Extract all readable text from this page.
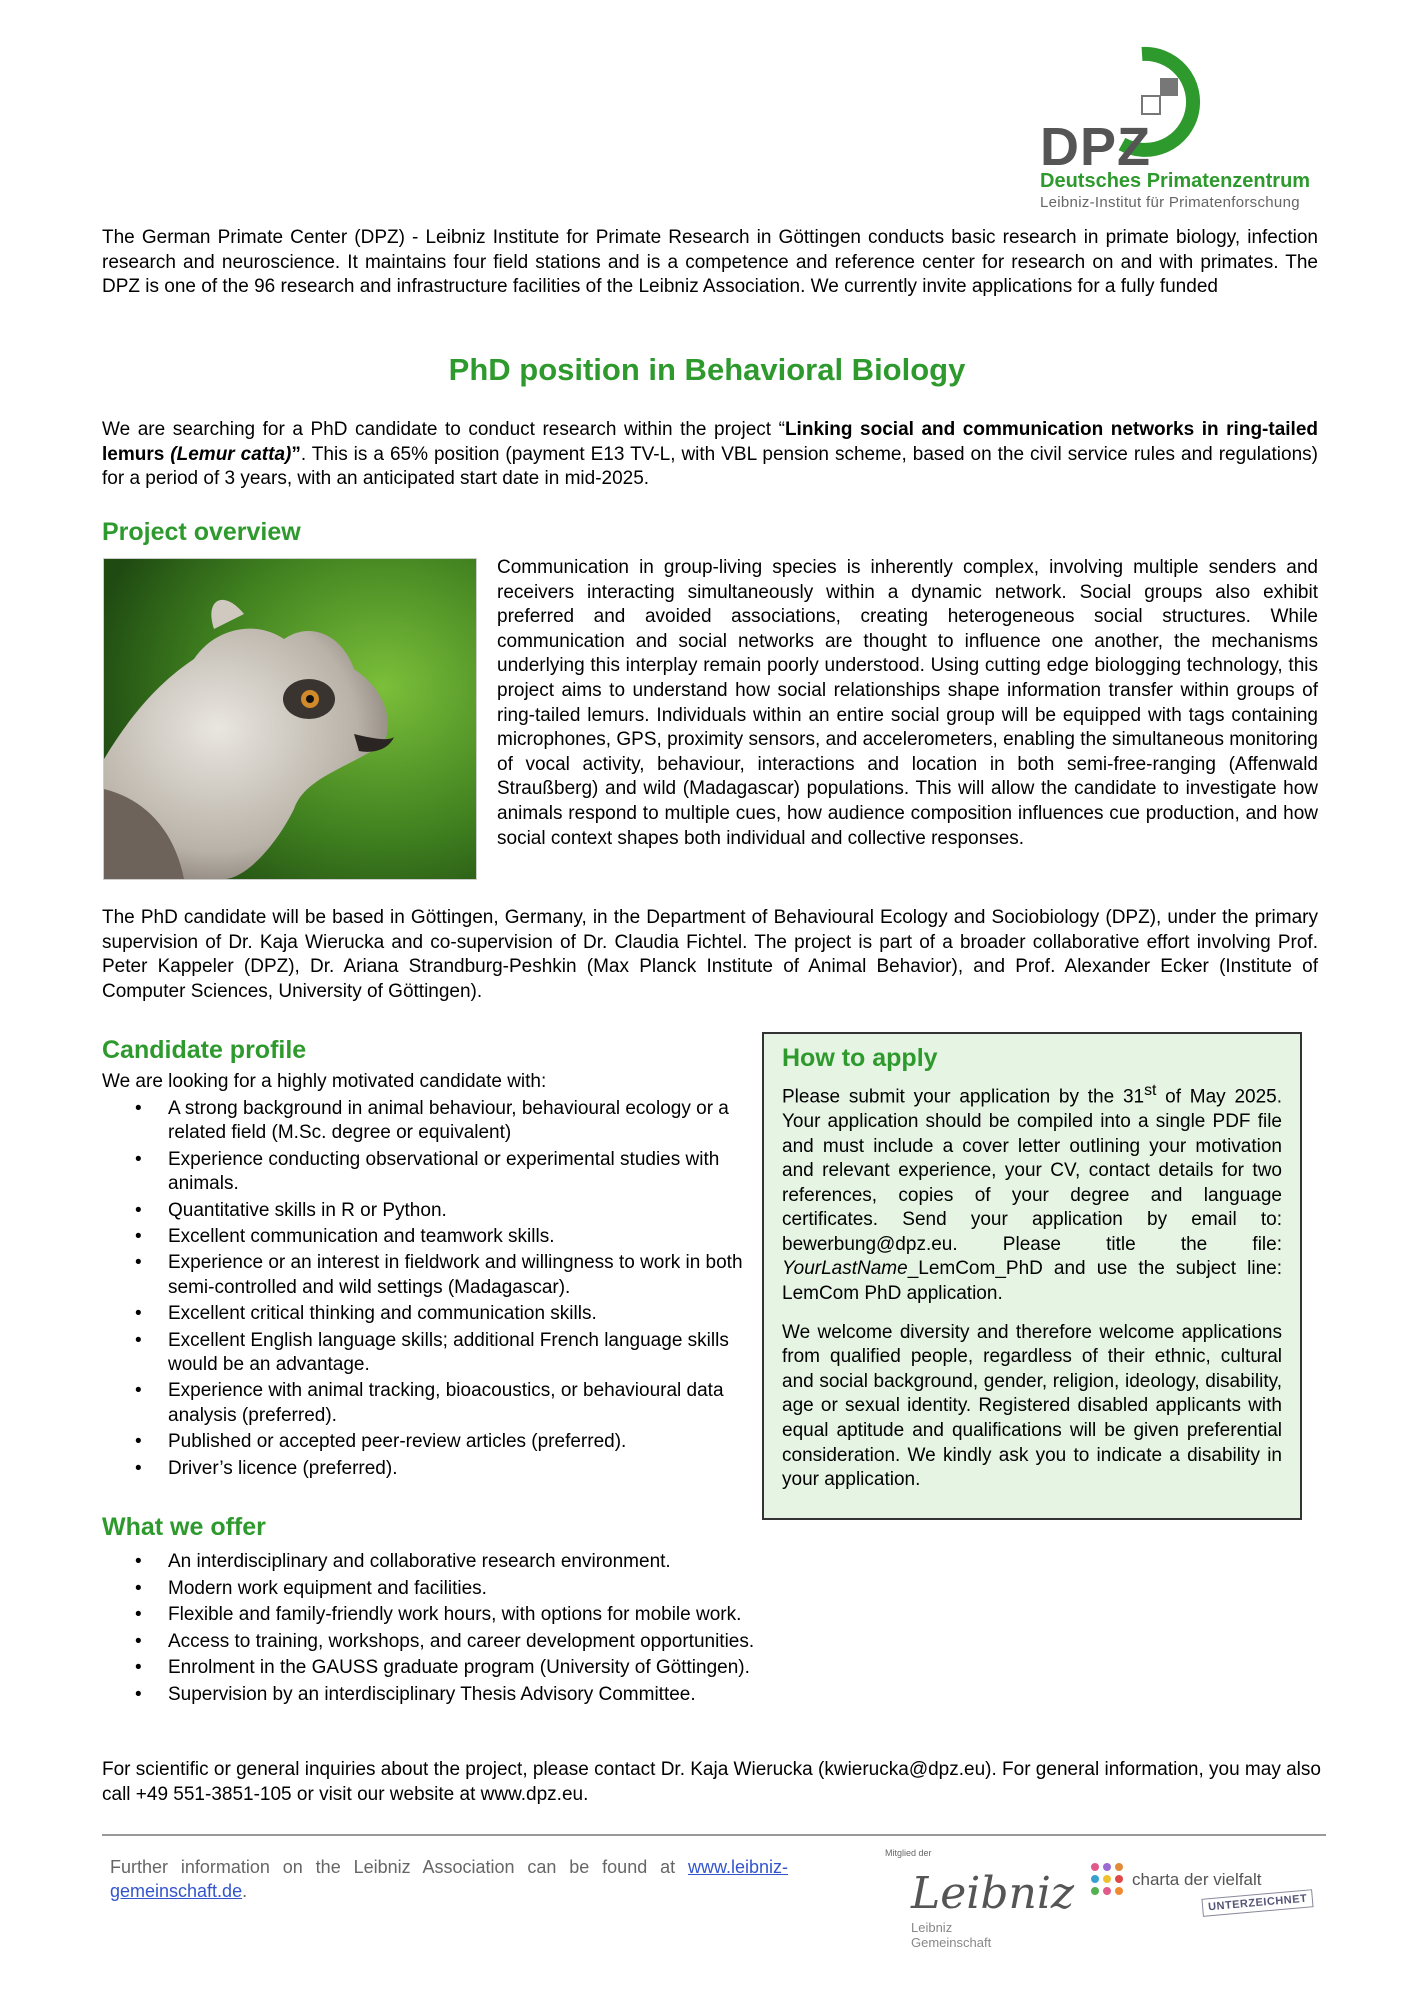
DPZ
Deutsches Primatenzentrum
Leibniz-Institut für Primatenforschung

The German Primate Center (DPZ) - Leibniz Institute for Primate Research in Göttingen conducts basic research in primate biology, infection research and neuroscience. It maintains four field stations and is a competence and reference center for research on and with primates. The DPZ is one of the 96 research and infrastructure facilities of the Leibniz Association. We currently invite applications for a fully funded

PhD position in Behavioral Biology

We are searching for a PhD candidate to conduct research within the project “Linking social and communication networks in ring-tailed lemurs (Lemur catta)”. This is a 65% position (payment E13 TV-L, with VBL pension scheme, based on the civil service rules and regulations) for a period of 3 years, with an anticipated start date in mid-2025.

Project overview

Communication in group-living species is inherently complex, involving multiple senders and receivers interacting simultaneously within a dynamic network. Social groups also exhibit preferred and avoided associations, creating heterogeneous social structures. While communication and social networks are thought to influence one another, the mechanisms underlying this interplay remain poorly understood. Using cutting edge biologging technology, this project aims to understand how social relationships shape information transfer within groups of ring-tailed lemurs. Individuals within an entire social group will be equipped with tags containing microphones, GPS, proximity sensors, and accelerometers, enabling the simultaneous monitoring of vocal activity, behaviour, interactions and location in both semi-free-ranging (Affenwald Straußberg) and wild (Madagascar) populations. This will allow the candidate to investigate how animals respond to multiple cues, how audience composition influences cue production, and how social context shapes both individual and collective responses.

The PhD candidate will be based in Göttingen, Germany, in the Department of Behavioural Ecology and Sociobiology (DPZ), under the primary supervision of Dr. Kaja Wierucka and co-supervision of Dr. Claudia Fichtel. The project is part of a broader collaborative effort involving Prof. Peter Kappeler (DPZ), Dr. Ariana Strandburg-Peshkin (Max Planck Institute of Animal Behavior), and Prof. Alexander Ecker (Institute of Computer Sciences, University of Göttingen).

Candidate profile

We are looking for a highly motivated candidate with:

• A strong background in animal behaviour, behavioural ecology or a related field (M.Sc. degree or equivalent)
• Experience conducting observational or experimental studies with animals.
• Quantitative skills in R or Python.
• Excellent communication and teamwork skills.
• Experience or an interest in fieldwork and willingness to work in both semi-controlled and wild settings (Madagascar).
• Excellent critical thinking and communication skills.
• Excellent English language skills; additional French language skills would be an advantage.
• Experience with animal tracking, bioacoustics, or behavioural data analysis (preferred).
• Published or accepted peer-review articles (preferred).
• Driver’s licence (preferred).
How to apply

Please submit your application by the 31st of May 2025. Your application should be compiled into a single PDF file and must include a cover letter outlining your motivation and relevant experience, your CV, contact details for two references, copies of your degree and language certificates. Send your application by email to: bewerbung@dpz.eu. Please title the file: YourLastName_LemCom_PhD and use the subject line: LemCom PhD application.

We welcome diversity and therefore welcome applications from qualified people, regardless of their ethnic, cultural and social background, gender, religion, ideology, disability, age or sexual identity. Registered disabled applicants with equal aptitude and qualifications will be given preferential consideration. We kindly ask you to indicate a disability in your application.

What we offer
• An interdisciplinary and collaborative research environment.
• Modern work equipment and facilities.
• Flexible and family-friendly work hours, with options for mobile work.
• Access to training, workshops, and career development opportunities.
• Enrolment in the GAUSS graduate program (University of Göttingen).
• Supervision by an interdisciplinary Thesis Advisory Committee.

For scientific or general inquiries about the project, please contact Dr. Kaja Wierucka (kwierucka@dpz.eu). For general information, you may also call +49 551-3851-105 or visit our website at www.dpz.eu.

Further information on the Leibniz Association can be found at www.leibniz-gemeinschaft.de.

Mitglied der
Leibniz
Leibniz Gemeinschaft
charta der vielfalt
UNTERZEICHNET
